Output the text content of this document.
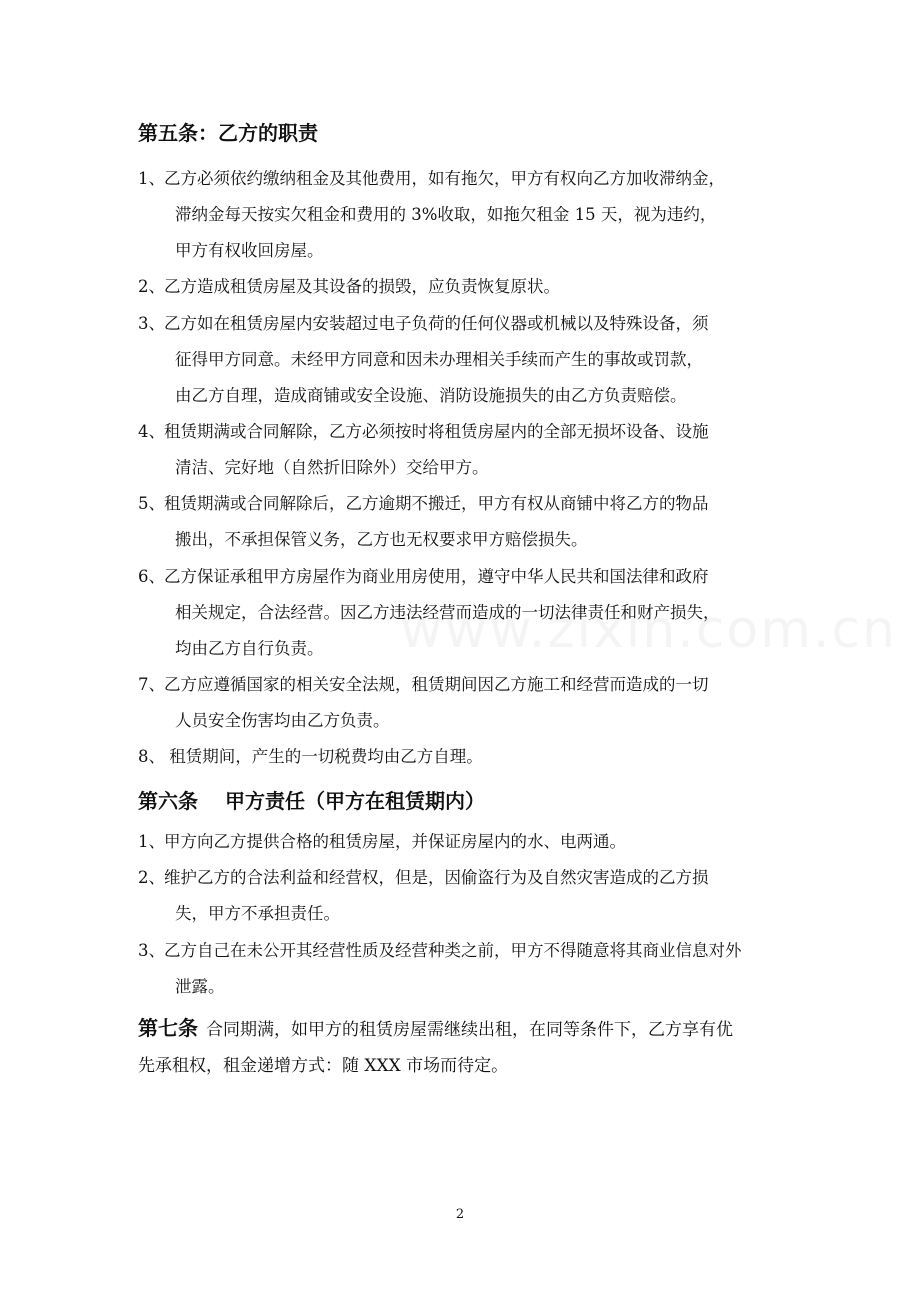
第五条：乙方的职责
1、乙方必须依约缴纳租金及其他费用，如有拖欠，甲方有权向乙方加收滞纳金，
滞纳金每天按实欠租金和费用的 3%收取，如拖欠租金 15 天，视为违约，
甲方有权收回房屋。
2、乙方造成租赁房屋及其设备的损毁，应负责恢复原状。
3、乙方如在租赁房屋内安装超过电子负荷的任何仪器或机械以及特殊设备，须
征得甲方同意。未经甲方同意和因未办理相关手续而产生的事故或罚款，
由乙方自理，造成商铺或安全设施、消防设施损失的由乙方负责赔偿。
4、租赁期满或合同解除，乙方必须按时将租赁房屋内的全部无损坏设备、设施
清洁、完好地（自然折旧除外）交给甲方。
5、租赁期满或合同解除后，乙方逾期不搬迁，甲方有权从商铺中将乙方的物品
搬出，不承担保管义务，乙方也无权要求甲方赔偿损失。
6、乙方保证承租甲方房屋作为商业用房使用，遵守中华人民共和国法律和政府
相关规定，合法经营。因乙方违法经营而造成的一切法律责任和财产损失，
均由乙方自行负责。
7、乙方应遵循国家的相关安全法规，租赁期间因乙方施工和经营而造成的一切
人员安全伤害均由乙方负责。
8、 租赁期间，产生的一切税费均由乙方自理。
第六条　 甲方责任（甲方在租赁期内）
1、甲方向乙方提供合格的租赁房屋，并保证房屋内的水、电两通。
2、维护乙方的合法利益和经营权，但是，因偷盗行为及自然灾害造成的乙方损
失，甲方不承担责任。
3、乙方自己在未公开其经营性质及经营种类之前，甲方不得随意将其商业信息对外
泄露。
第七条 合同期满，如甲方的租赁房屋需继续出租，在同等条件下，乙方享有优
先承租权，租金递增方式：随 XXX 市场而待定。
2
